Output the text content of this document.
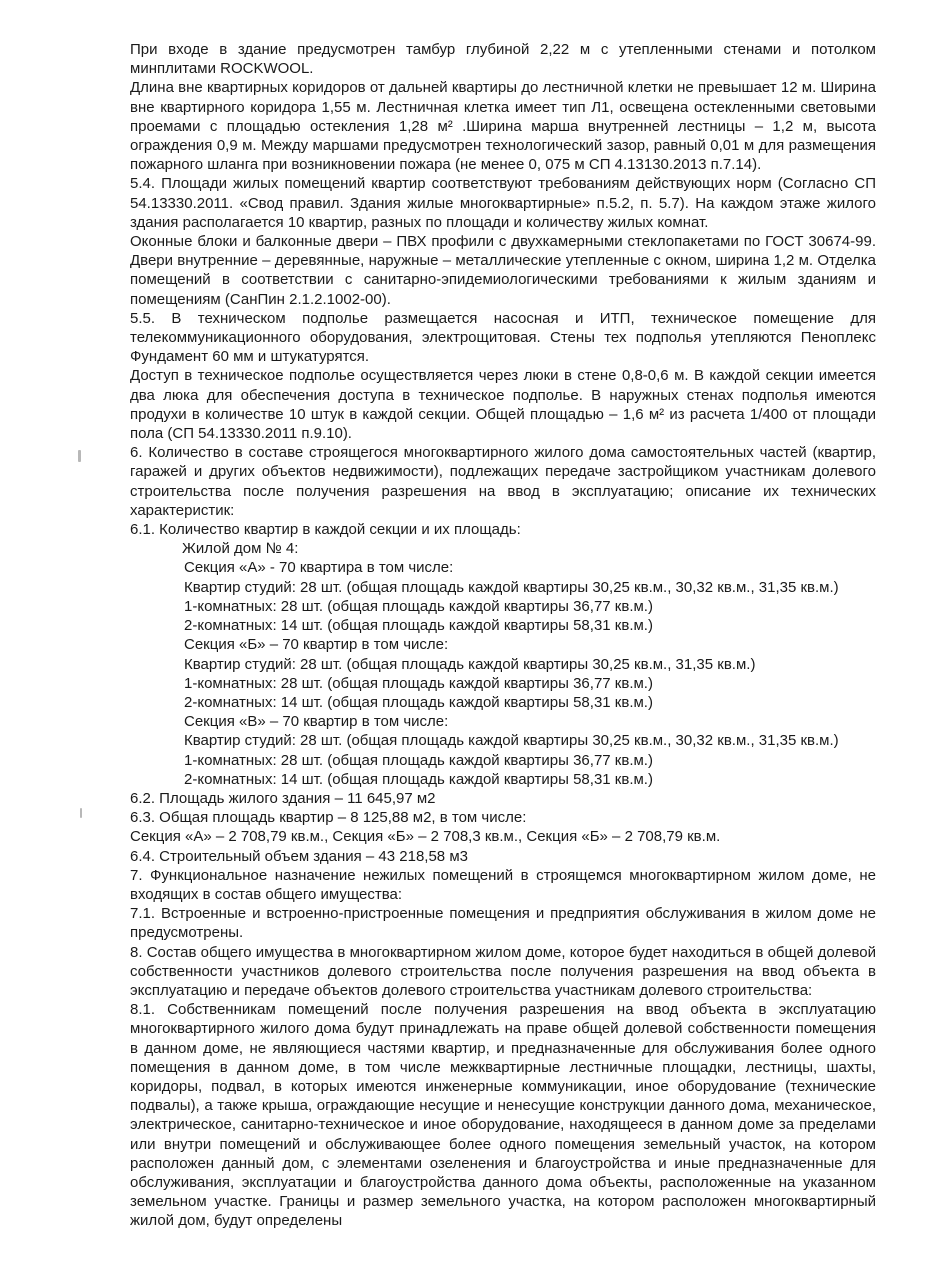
При входе в здание предусмотрен тамбур глубиной 2,22 м с утепленными стенами и потолком минплитами ROCKWOOL.

Длина вне квартирных коридоров от дальней квартиры до лестничной клетки не превышает 12 м. Ширина вне квартирного коридора 1,55 м. Лестничная клетка имеет тип Л1, освещена остекленными световыми проемами с площадью остекления 1,28 м² .Ширина марша внутренней лестницы – 1,2 м, высота ограждения 0,9 м. Между маршами предусмотрен технологический зазор, равный 0,01 м для размещения пожарного шланга при возникновении пожара (не менее 0, 075 м СП 4.13130.2013 п.7.14).

5.4. Площади жилых помещений квартир соответствуют требованиям действующих норм (Согласно СП 54.13330.2011. «Свод правил. Здания жилые многоквартирные» п.5.2, п. 5.7). На каждом этаже жилого здания располагается 10 квартир, разных по площади и количеству жилых комнат.

Оконные блоки и балконные двери – ПВХ профили с двухкамерными стеклопакетами по ГОСТ 30674-99. Двери внутренние – деревянные, наружные – металлические утепленные с окном, ширина 1,2 м. Отделка помещений в соответствии с санитарно-эпидемиологическими требованиями к жилым зданиям и помещениям (СанПин 2.1.2.1002-00).

5.5. В техническом подполье размещается насосная и ИТП, техническое помещение для телекоммуникационного оборудования, электрощитовая. Стены тех подполья утепляются Пеноплекс Фундамент 60 мм и штукатурятся.

Доступ в техническое подполье осуществляется через люки в стене 0,8-0,6 м. В каждой секции имеется два люка для обеспечения доступа в техническое подполье. В наружных стенах подполья имеются продухи в количестве 10 штук в каждой секции. Общей площадью – 1,6 м² из расчета 1/400 от площади пола (СП 54.13330.2011 п.9.10).

6. Количество в составе строящегося многоквартирного жилого дома самостоятельных частей (квартир, гаражей и других объектов недвижимости), подлежащих передаче застройщиком участникам долевого строительства после получения разрешения на ввод в эксплуатацию; описание их технических характеристик:

6.1. Количество квартир в каждой секции и их площадь:
Жилой дом № 4:
Секция «А» - 70 квартира в том числе:
Квартир студий: 28 шт. (общая площадь каждой квартиры 30,25 кв.м., 30,32 кв.м., 31,35 кв.м.)
1-комнатных: 28 шт. (общая площадь каждой квартиры 36,77 кв.м.)
2-комнатных: 14 шт. (общая площадь каждой квартиры 58,31 кв.м.)
Секция «Б» – 70 квартир в том числе:
Квартир студий: 28 шт. (общая площадь каждой квартиры 30,25 кв.м., 31,35 кв.м.)
1-комнатных: 28 шт. (общая площадь каждой квартиры 36,77 кв.м.)
2-комнатных: 14 шт. (общая площадь каждой квартиры 58,31 кв.м.)
Секция «В» – 70 квартир в том числе:
Квартир студий: 28 шт. (общая площадь каждой квартиры 30,25 кв.м., 30,32 кв.м., 31,35 кв.м.)
1-комнатных: 28 шт. (общая площадь каждой квартиры 36,77 кв.м.)
2-комнатных: 14 шт. (общая площадь каждой квартиры 58,31 кв.м.)
6.2. Площадь жилого здания – 11 645,97 м2
6.3. Общая площадь квартир – 8 125,88 м2, в том числе:
Секция «А» – 2 708,79 кв.м., Секция «Б» – 2 708,3 кв.м., Секция «Б» – 2 708,79 кв.м.
6.4. Строительный объем здания – 43 218,58 м3

7. Функциональное назначение нежилых помещений в строящемся многоквартирном жилом доме, не входящих в состав общего имущества:

7.1. Встроенные и встроенно-пристроенные помещения и предприятия обслуживания в жилом доме не предусмотрены.

8. Состав общего имущества в многоквартирном жилом доме, которое будет находиться в общей долевой собственности участников долевого строительства после получения разрешения на ввод объекта в эксплуатацию и передаче объектов долевого строительства участникам долевого строительства:

8.1. Собственникам помещений после получения разрешения на ввод объекта в эксплуатацию многоквартирного жилого дома будут принадлежать на праве общей долевой собственности помещения в данном доме, не являющиеся частями квартир, и предназначенные для обслуживания более одного помещения в данном доме, в том числе межквартирные лестничные площадки, лестницы, шахты, коридоры, подвал, в которых имеются инженерные коммуникации, иное оборудование (технические подвалы), а также крыша, ограждающие несущие и ненесущие конструкции данного дома, механическое, электрическое, санитарно-техническое и иное оборудование, находящееся в данном доме за пределами или внутри помещений и обслуживающее более одного помещения земельный участок, на котором расположен данный дом, с элементами озеленения и благоустройства и иные предназначенные для обслуживания, эксплуатации и благоустройства данного дома объекты, расположенные на указанном земельном участке. Границы и размер земельного участка, на котором расположен многоквартирный жилой дом, будут определены
